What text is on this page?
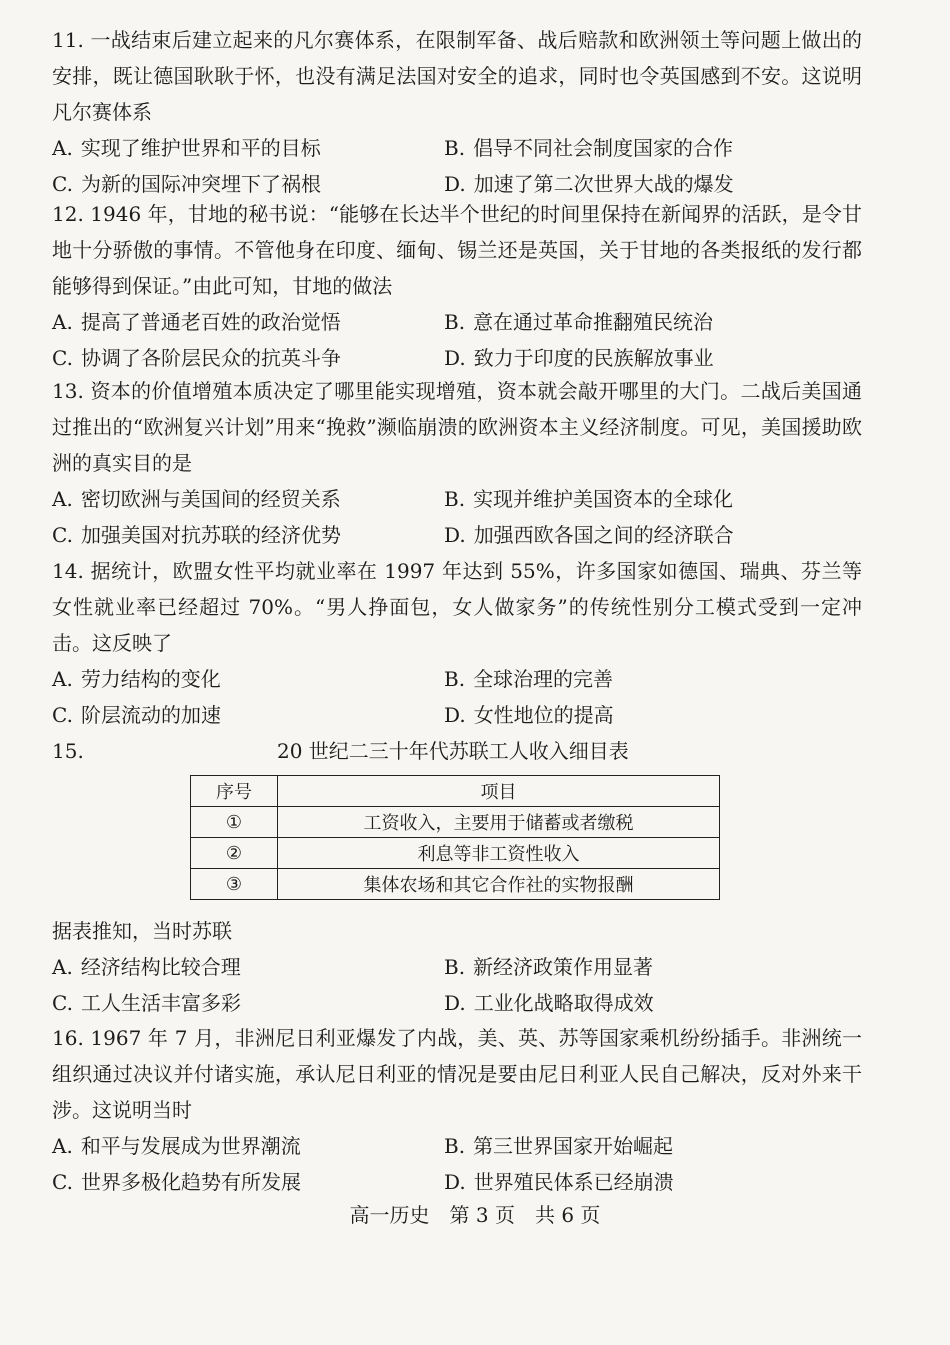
11. 一战结束后建立起来的凡尔赛体系，在限制军备、战后赔款和欧洲领土等问题上做出的安排，既让德国耿耿于怀，也没有满足法国对安全的追求，同时也令英国感到不安。这说明凡尔赛体系

A. 实现了维护世界和平的目标	B. 倡导不同社会制度国家的合作
C. 为新的国际冲突埋下了祸根	D. 加速了第二次世界大战的爆发

12. 1946 年，甘地的秘书说：“能够在长达半个世纪的时间里保持在新闻界的活跃，是令甘地十分骄傲的事情。不管他身在印度、缅甸、锡兰还是英国，关于甘地的各类报纸的发行都能够得到保证。”由此可知，甘地的做法

A. 提高了普通老百姓的政治觉悟	B. 意在通过革命推翻殖民统治
C. 协调了各阶层民众的抗英斗争	D. 致力于印度的民族解放事业

13. 资本的价值增殖本质决定了哪里能实现增殖，资本就会敲开哪里的大门。二战后美国通过推出的“欧洲复兴计划”用来“挽救”濒临崩溃的欧洲资本主义经济制度。可见，美国援助欧洲的真实目的是

A. 密切欧洲与美国间的经贸关系	B. 实现并维护美国资本的全球化
C. 加强美国对抗苏联的经济优势	D. 加强西欧各国之间的经济联合

14. 据统计，欧盟女性平均就业率在 1997 年达到 55%，许多国家如德国、瑞典、芬兰等女性就业率已经超过 70%。“男人挣面包，女人做家务”的传统性别分工模式受到一定冲击。这反映了

A. 劳力结构的变化	B. 全球治理的完善
C. 阶层流动的加速	D. 女性地位的提高
15.	20 世纪二三十年代苏联工人收入细目表
序号	项目
①	工资收入，主要用于储蓄或者缴税
②	利息等非工资性收入
③	集体农场和其它合作社的实物报酬

据表推知，当时苏联

A. 经济结构比较合理	B. 新经济政策作用显著
C. 工人生活丰富多彩	D. 工业化战略取得成效

16. 1967 年 7 月，非洲尼日利亚爆发了内战，美、英、苏等国家乘机纷纷插手。非洲统一组织通过决议并付诸实施，承认尼日利亚的情况是要由尼日利亚人民自己解决，反对外来干涉。这说明当时

A. 和平与发展成为世界潮流	B. 第三世界国家开始崛起
C. 世界多极化趋势有所发展	D. 世界殖民体系已经崩溃
高一历史　第 3 页　共 6 页
